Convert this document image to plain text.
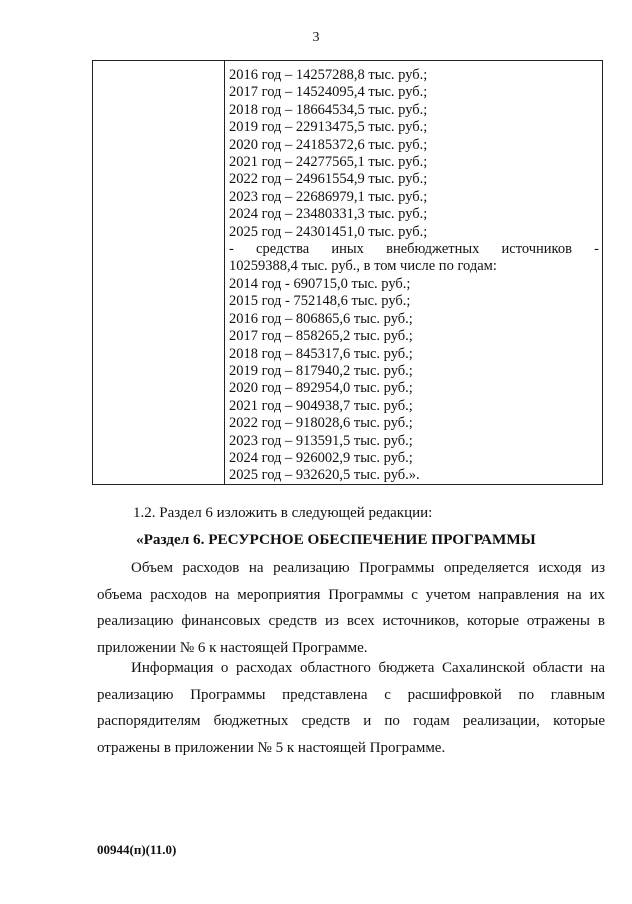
3
2016 год – 14257288,8 тыс. руб.;
2017 год – 14524095,4 тыс. руб.;
2018 год – 18664534,5 тыс. руб.;
2019 год – 22913475,5 тыс. руб.;
2020 год – 24185372,6 тыс. руб.;
2021 год – 24277565,1 тыс. руб.;
2022 год – 24961554,9 тыс. руб.;
2023 год – 22686979,1 тыс. руб.;
2024 год – 23480331,3 тыс. руб.;
2025 год – 24301451,0 тыс. руб.;
- средства иных внебюджетных источников -
10259388,4 тыс. руб., в том числе по годам:
2014 год - 690715,0 тыс. руб.;
2015 год - 752148,6 тыс. руб.;
2016 год – 806865,6 тыс. руб.;
2017 год – 858265,2 тыс. руб.;
2018 год – 845317,6 тыс. руб.;
2019 год – 817940,2 тыс. руб.;
2020 год – 892954,0 тыс. руб.;
2021 год – 904938,7 тыс. руб.;
2022 год – 918028,6 тыс. руб.;
2023 год – 913591,5 тыс. руб.;
2024 год – 926002,9 тыс. руб.;
2025 год – 932620,5 тыс. руб.».
1.2. Раздел 6 изложить в следующей редакции:
«Раздел 6. РЕСУРСНОЕ ОБЕСПЕЧЕНИЕ ПРОГРАММЫ
Объем расходов на реализацию Программы определяется исходя из объема расходов на мероприятия Программы с учетом направления на их реализацию финансовых средств из всех источников, которые отражены в приложении № 6 к настоящей Программе.
Информация о расходах областного бюджета Сахалинской области на реализацию Программы представлена с расшифровкой по главным распорядителям бюджетных средств и по годам реализации, которые отражены в приложении № 5 к настоящей Программе.
00944(п)(11.0)
